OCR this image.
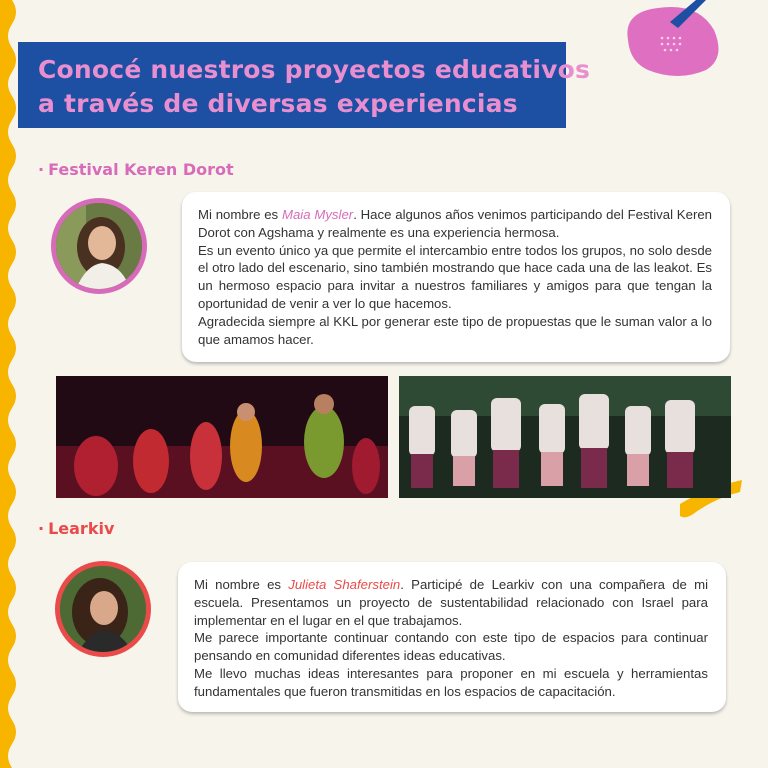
Conocé nuestros proyectos educativos
a través de diversas experiencias
· Festival Keren Dorot

Mi nombre es Maia Mysler. Hace algunos años venimos participando del Festival Keren Dorot con Agshama y realmente es una experiencia hermosa.

Es un evento único ya que permite el intercambio entre todos los grupos, no solo desde el otro lado del escenario, sino también mostrando que hace cada una de las leakot. Es un hermoso espacio para invitar a nuestros familiares y amigos para que tengan la oportunidad de venir a ver lo que hacemos.

Agradecida siempre al KKL por generar este tipo de propuestas que le suman valor a lo que amamos hacer.

· Learkiv

Mi nombre es Julieta Shaferstein. Participé de Learkiv con una compañera de mi escuela. Presentamos un proyecto de sustentabilidad relacionado con Israel para implementar en el lugar en el que trabajamos.

Me parece importante continuar contando con este tipo de espacios para continuar pensando en comunidad diferentes ideas educativas.

Me llevo muchas ideas interesantes para proponer en mi escuela y herramientas fundamentales que fueron transmitidas en los espacios de capacitación.
